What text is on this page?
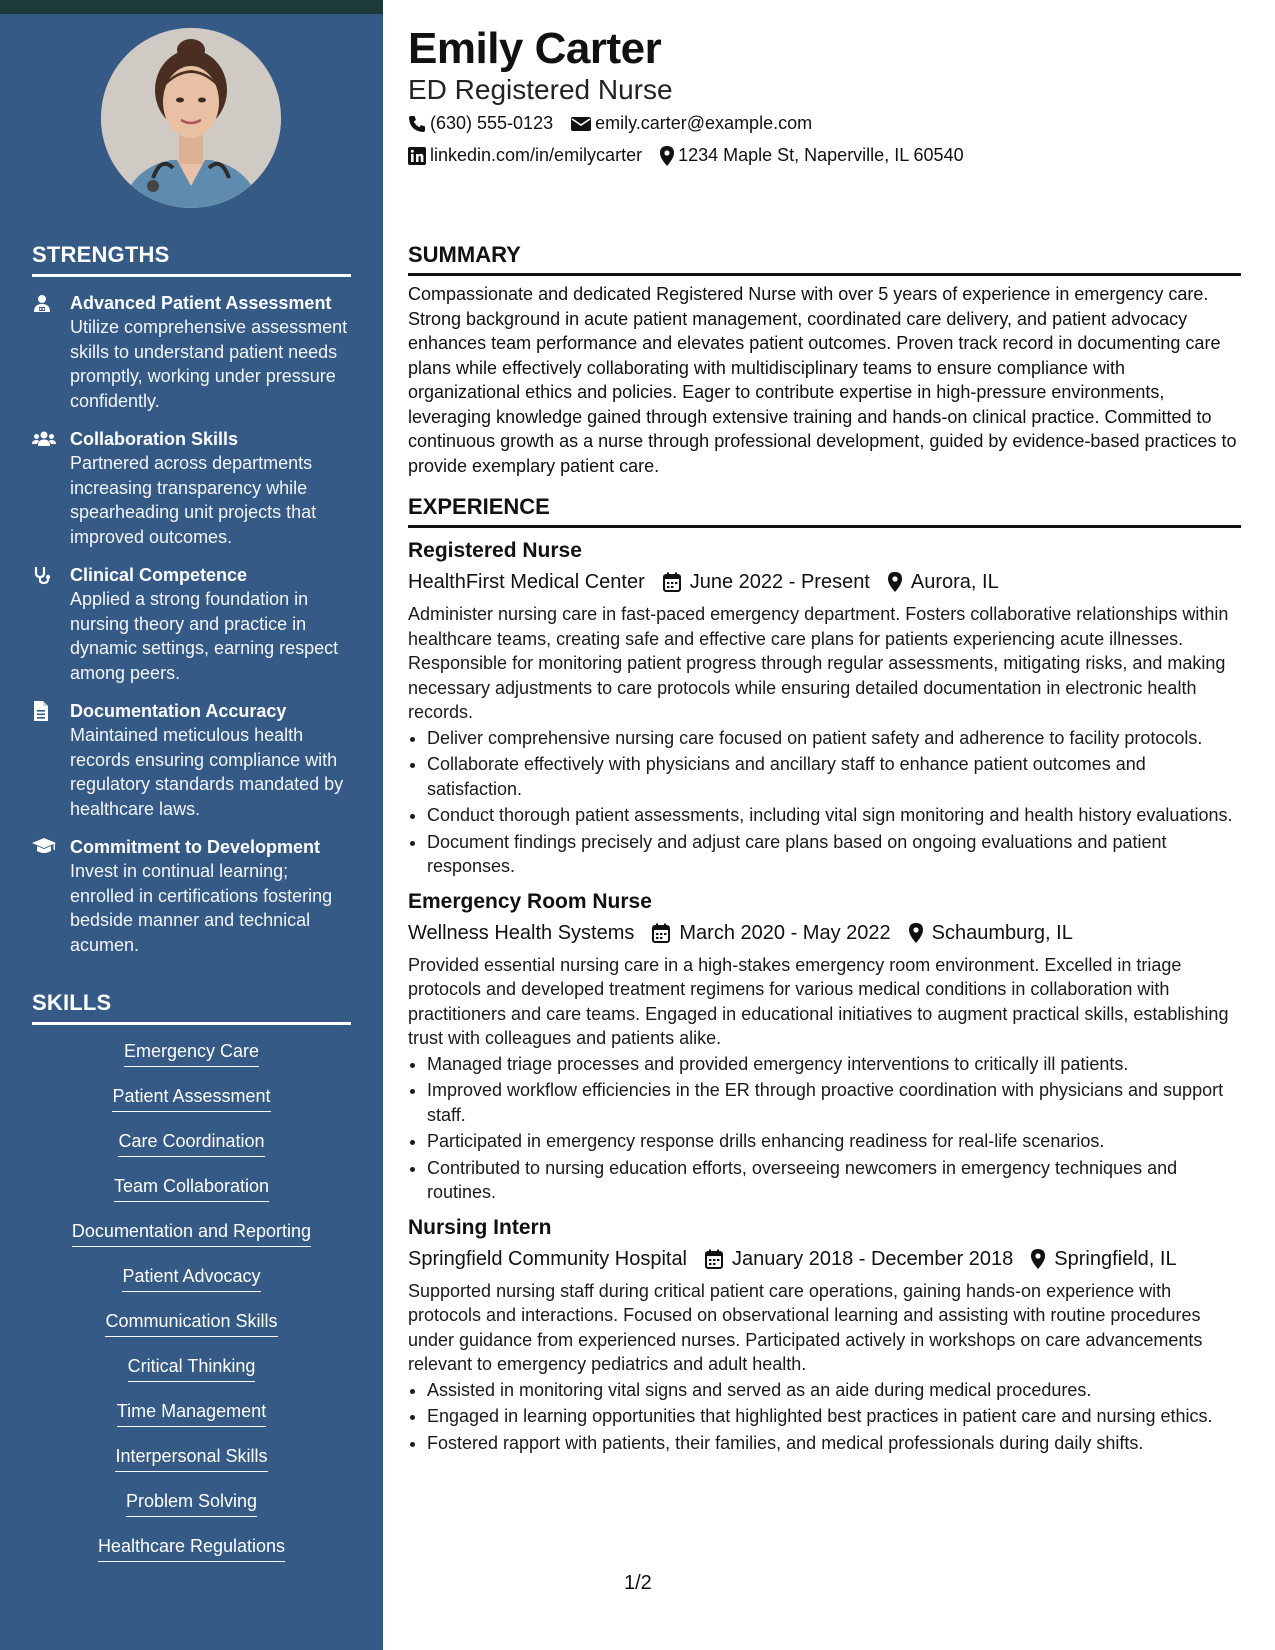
STRENGTHS
Advanced Patient Assessment
Utilize comprehensive assessment skills to understand patient needs promptly, working under pressure confidently.
Collaboration Skills
Partnered across departments increasing transparency while spearheading unit projects that improved outcomes.
Clinical Competence
Applied a strong foundation in nursing theory and practice in dynamic settings, earning respect among peers.
Documentation Accuracy
Maintained meticulous health records ensuring compliance with regulatory standards mandated by healthcare laws.
Commitment to Development
Invest in continual learning; enrolled in certifications fostering bedside manner and technical acumen.
SKILLS
Emergency Care
Patient Assessment
Care Coordination
Team Collaboration
Documentation and Reporting
Patient Advocacy
Communication Skills
Critical Thinking
Time Management
Interpersonal Skills
Problem Solving
Healthcare Regulations
Emily Carter
ED Registered Nurse
(630) 555-0123 emily.carter@example.com
linkedin.com/in/emilycarter 1234 Maple St, Naperville, IL 60540
SUMMARY

Compassionate and dedicated Registered Nurse with over 5 years of experience in emergency care. Strong background in acute patient management, coordinated care delivery, and patient advocacy enhances team performance and elevates patient outcomes. Proven track record in documenting care plans while effectively collaborating with multidisciplinary teams to ensure compliance with organizational ethics and policies. Eager to contribute expertise in high-pressure environments, leveraging knowledge gained through extensive training and hands-on clinical practice. Committed to continuous growth as a nurse through professional development, guided by evidence-based practices to provide exemplary patient care.

EXPERIENCE
Registered Nurse
HealthFirst Medical Center June 2022 - Present Aurora, IL

Administer nursing care in fast-paced emergency department. Fosters collaborative relationships within healthcare teams, creating safe and effective care plans for patients experiencing acute illnesses. Responsible for monitoring patient progress through regular assessments, mitigating risks, and making necessary adjustments to care protocols while ensuring detailed documentation in electronic health records.

• Deliver comprehensive nursing care focused on patient safety and adherence to facility protocols.
• Collaborate effectively with physicians and ancillary staff to enhance patient outcomes and satisfaction.
• Conduct thorough patient assessments, including vital sign monitoring and health history evaluations.
• Document findings precisely and adjust care plans based on ongoing evaluations and patient responses.
Emergency Room Nurse
Wellness Health Systems March 2020 - May 2022 Schaumburg, IL

Provided essential nursing care in a high-stakes emergency room environment. Excelled in triage protocols and developed treatment regimens for various medical conditions in collaboration with practitioners and care teams. Engaged in educational initiatives to augment practical skills, establishing trust with colleagues and patients alike.

• Managed triage processes and provided emergency interventions to critically ill patients.
• Improved workflow efficiencies in the ER through proactive coordination with physicians and support staff.
• Participated in emergency response drills enhancing readiness for real-life scenarios.
• Contributed to nursing education efforts, overseeing newcomers in emergency techniques and routines.
Nursing Intern
Springfield Community Hospital January 2018 - December 2018 Springfield, IL

Supported nursing staff during critical patient care operations, gaining hands-on experience with protocols and interactions. Focused on observational learning and assisting with routine procedures under guidance from experienced nurses. Participated actively in workshops on care advancements relevant to emergency pediatrics and adult health.

• Assisted in monitoring vital signs and served as an aide during medical procedures.
• Engaged in learning opportunities that highlighted best practices in patient care and nursing ethics.
• Fostered rapport with patients, their families, and medical professionals during daily shifts.
1/2
